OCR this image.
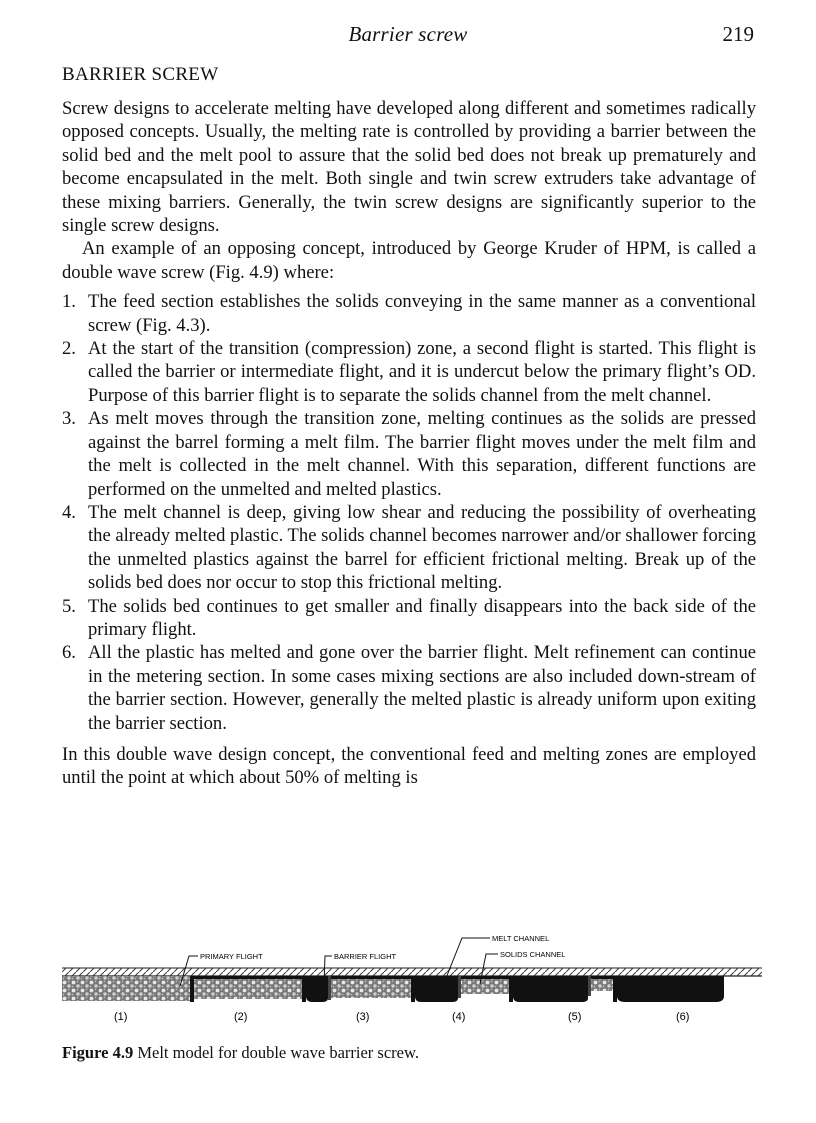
Barrier screw	219
BARRIER SCREW

Screw designs to accelerate melting have developed along different and sometimes radically opposed concepts. Usually, the melting rate is controlled by providing a barrier between the solid bed and the melt pool to assure that the solid bed does not break up prematurely and become encapsulated in the melt. Both single and twin screw extruders take advantage of these mixing barriers. Generally, the twin screw designs are significantly superior to the single screw designs.

An example of an opposing concept, introduced by George Kruder of HPM, is called a double wave screw (Fig. 4.9) where:

1. The feed section establishes the solids conveying in the same manner as a conventional screw (Fig. 4.3).
2. At the start of the transition (compression) zone, a second flight is started. This flight is called the barrier or intermediate flight, and it is undercut below the primary flight’s OD. Purpose of this barrier flight is to separate the solids channel from the melt channel.
3. As melt moves through the transition zone, melting continues as the solids are pressed against the barrel forming a melt film. The barrier flight moves under the melt film and the melt is collected in the melt channel. With this separation, different functions are performed on the unmelted and melted plastics.
4. The melt channel is deep, giving low shear and reducing the possibility of overheating the already melted plastic. The solids channel becomes narrower and/or shallower forcing the unmelted plastics against the barrel for efficient frictional melting. Break up of the solids bed does nor occur to stop this frictional melting.
5. The solids bed continues to get smaller and finally disappears into the back side of the primary flight.
6. All the plastic has melted and gone over the barrier flight. Melt refinement can continue in the metering section. In some cases mixing sections are also included down-stream of the barrier section. However, generally the melted plastic is already uniform upon exiting the barrier section.

In this double wave design concept, the conventional feed and melting zones are employed until the point at which about 50% of melting is

PRIMARY FLIGHT	BARRIER FLIGHT
MELT CHANNEL
SOLIDS CHANNEL
(1)	(2)	(3)	(4)	(5)	(6)
Figure 4.9 Melt model for double wave barrier screw.
